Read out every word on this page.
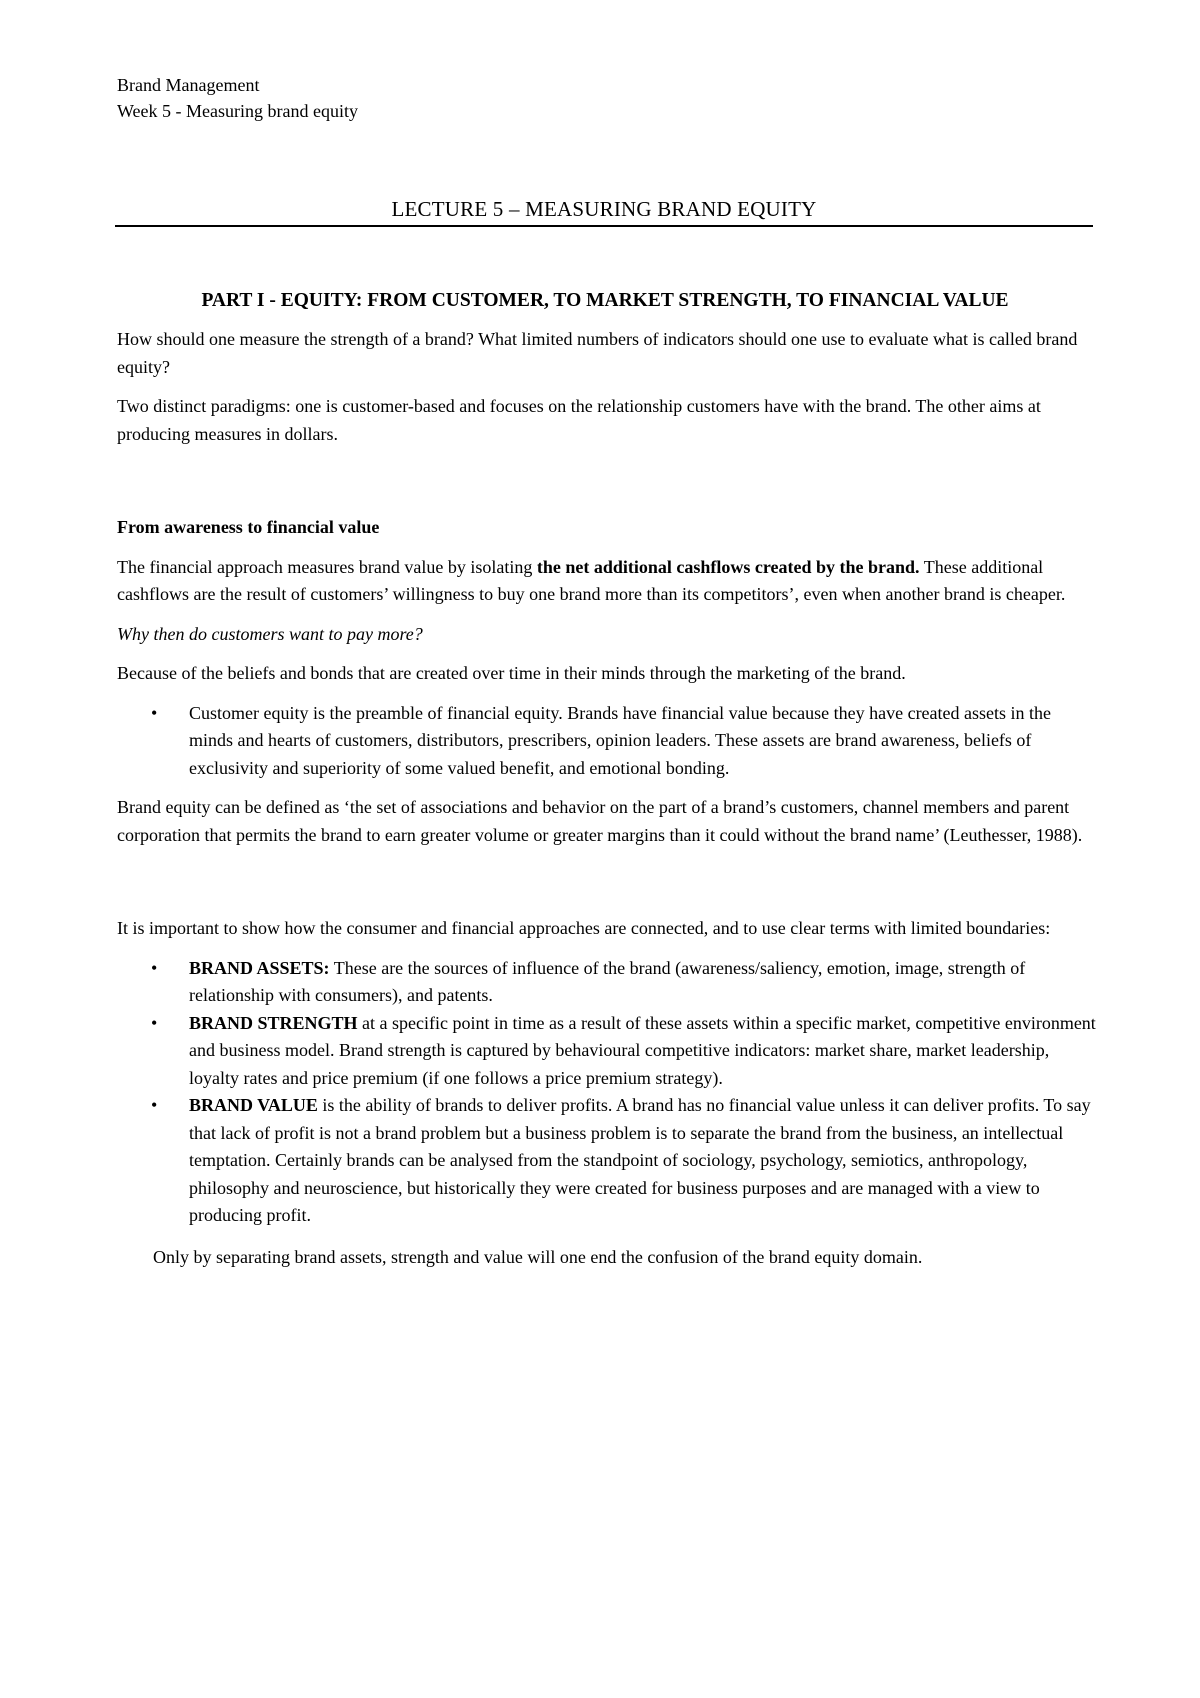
Brand Management
Week 5 - Measuring brand equity
LECTURE 5 – MEASURING BRAND EQUITY
PART I - EQUITY: FROM CUSTOMER, TO MARKET STRENGTH, TO FINANCIAL VALUE

How should one measure the strength of a brand? What limited numbers of indicators should one use to evaluate what is called brand equity?

Two distinct paradigms: one is customer-based and focuses on the relationship customers have with the brand. The other aims at producing measures in dollars.

From awareness to financial value

The financial approach measures brand value by isolating the net additional cashflows created by the brand. These additional cashflows are the result of customers’ willingness to buy one brand more than its competitors’, even when another brand is cheaper.

Why then do customers want to pay more?

Because of the beliefs and bonds that are created over time in their minds through the marketing of the brand.

• Customer equity is the preamble of financial equity. Brands have financial value because they have created assets in the minds and hearts of customers, distributors, prescribers, opinion leaders. These assets are brand awareness, beliefs of exclusivity and superiority of some valued benefit, and emotional bonding.

Brand equity can be defined as ‘the set of associations and behavior on the part of a brand’s customers, channel members and parent corporation that permits the brand to earn greater volume or greater margins than it could without the brand name’ (Leuthesser, 1988).

It is important to show how the consumer and financial approaches are connected, and to use clear terms with limited boundaries:

• BRAND ASSETS: These are the sources of influence of the brand (awareness/saliency, emotion, image, strength of relationship with consumers), and patents.
• BRAND STRENGTH at a specific point in time as a result of these assets within a specific market, competitive environment and business model. Brand strength is captured by behavioural competitive indicators: market share, market leadership, loyalty rates and price premium (if one follows a price premium strategy).
• BRAND VALUE is the ability of brands to deliver profits. A brand has no financial value unless it can deliver profits. To say that lack of profit is not a brand problem but a business problem is to separate the brand from the business, an intellectual temptation. Certainly brands can be analysed from the standpoint of sociology, psychology, semiotics, anthropology, philosophy and neuroscience, but historically they were created for business purposes and are managed with a view to producing profit.

Only by separating brand assets, strength and value will one end the confusion of the brand equity domain.
